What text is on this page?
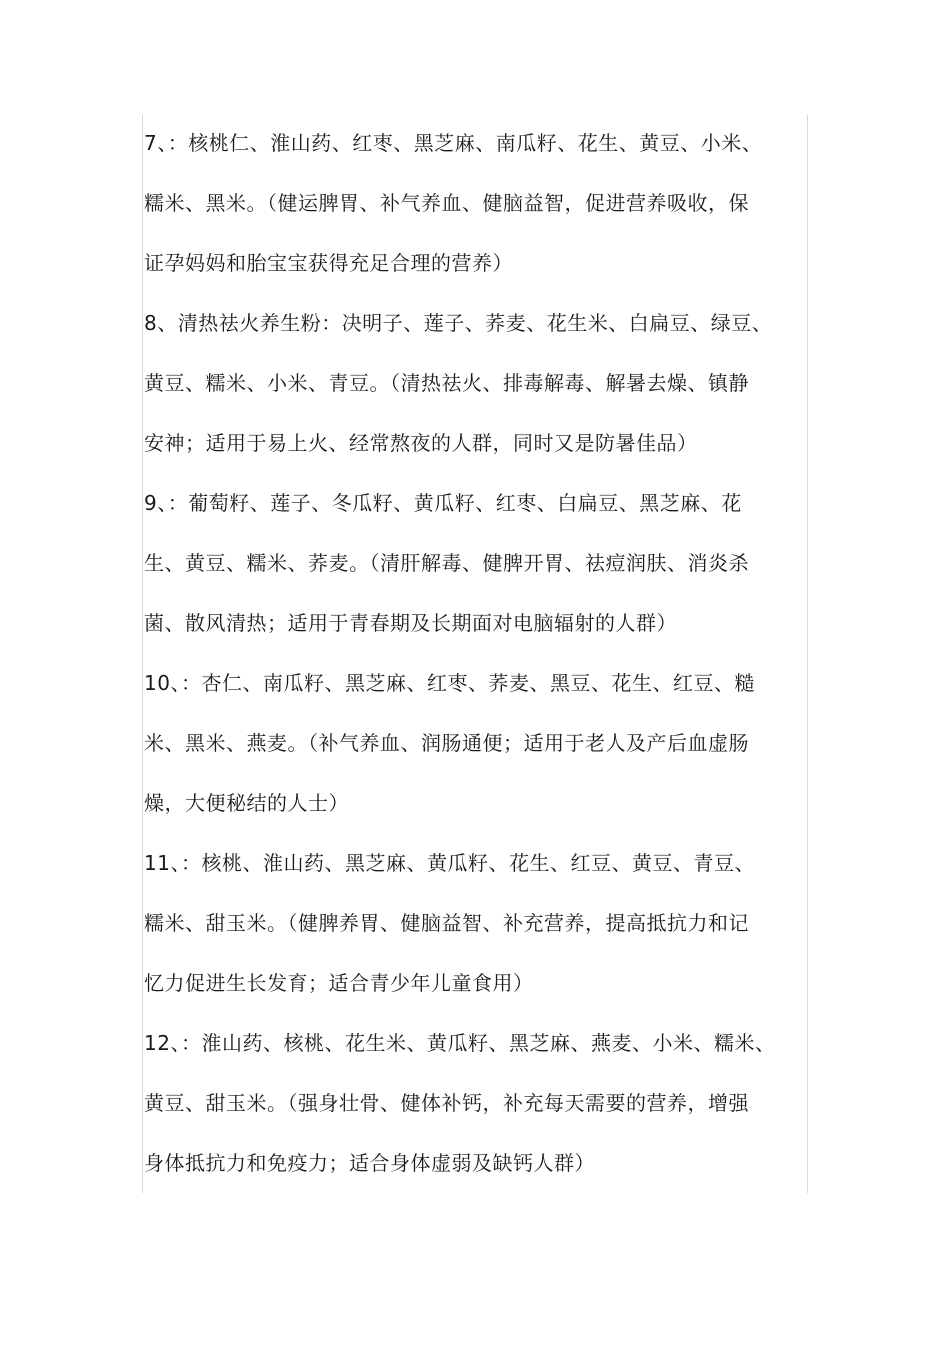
7、：核桃仁、淮山药、红枣、黑芝麻、南瓜籽、花生、黄豆、小米、
糯米、黑米。（健运脾胃、补气养血、健脑益智，促进营养吸收，保
证孕妈妈和胎宝宝获得充足合理的营养）
8、清热祛火养生粉：决明子、莲子、荞麦、花生米、白扁豆、绿豆、
黄豆、糯米、小米、青豆。（清热祛火、排毒解毒、解暑去燥、镇静
安神；适用于易上火、经常熬夜的人群，同时又是防暑佳品）
9、：葡萄籽、莲子、冬瓜籽、黄瓜籽、红枣、白扁豆、黑芝麻、花
生、黄豆、糯米、荞麦。（清肝解毒、健脾开胃、祛痘润肤、消炎杀
菌、散风清热；适用于青春期及长期面对电脑辐射的人群）
10、：杏仁、南瓜籽、黑芝麻、红枣、荞麦、黑豆、花生、红豆、糙
米、黑米、燕麦。（补气养血、润肠通便；适用于老人及产后血虚肠
燥，大便秘结的人士）
11、：核桃、淮山药、黑芝麻、黄瓜籽、花生、红豆、黄豆、青豆、
糯米、甜玉米。（健脾养胃、健脑益智、补充营养，提高抵抗力和记
忆力促进生长发育；适合青少年儿童食用）
12、：淮山药、核桃、花生米、黄瓜籽、黑芝麻、燕麦、小米、糯米、
黄豆、甜玉米。（强身壮骨、健体补钙，补充每天需要的营养，增强
身体抵抗力和免疫力；适合身体虚弱及缺钙人群）
